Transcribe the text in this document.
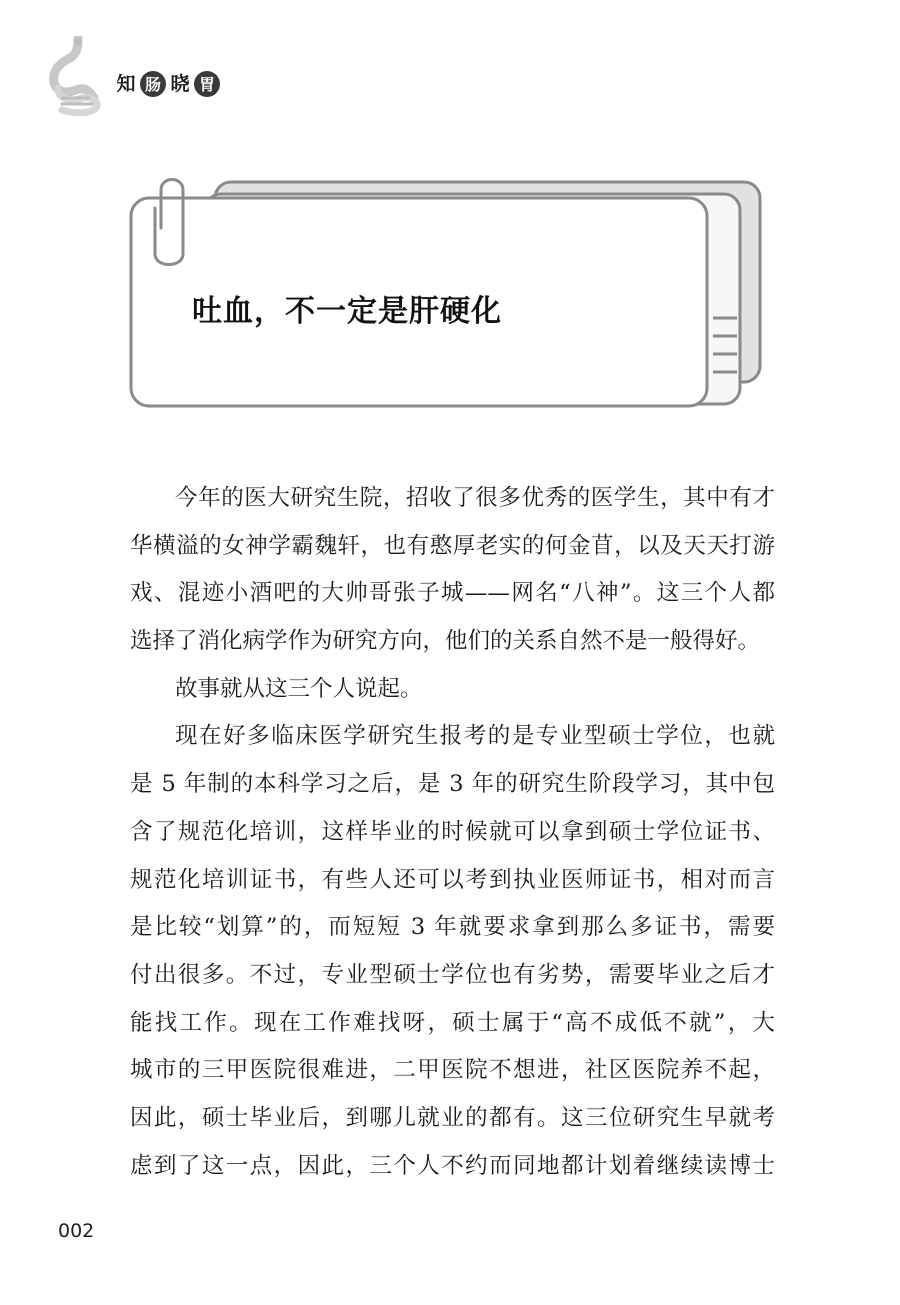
知 肠 晓 胃
吐血，不一定是肝硬化
今年的医大研究生院，招收了很多优秀的医学生，其中有才
华横溢的女神学霸魏轩，也有憨厚老实的何金苜，以及天天打游
戏、混迹小酒吧的大帅哥张子城——网名“八神”。这三个人都
选择了消化病学作为研究方向，他们的关系自然不是一般得好。
故事就从这三个人说起。
现在好多临床医学研究生报考的是专业型硕士学位，也就
是 5 年制的本科学习之后，是 3 年的研究生阶段学习，其中包
含了规范化培训，这样毕业的时候就可以拿到硕士学位证书、
规范化培训证书，有些人还可以考到执业医师证书，相对而言
是比较“划算”的，而短短 3 年就要求拿到那么多证书，需要
付出很多。不过，专业型硕士学位也有劣势，需要毕业之后才
能找工作。现在工作难找呀，硕士属于“高不成低不就”，大
城市的三甲医院很难进，二甲医院不想进，社区医院养不起，
因此，硕士毕业后，到哪儿就业的都有。这三位研究生早就考
虑到了这一点，因此，三个人不约而同地都计划着继续读博士
002
